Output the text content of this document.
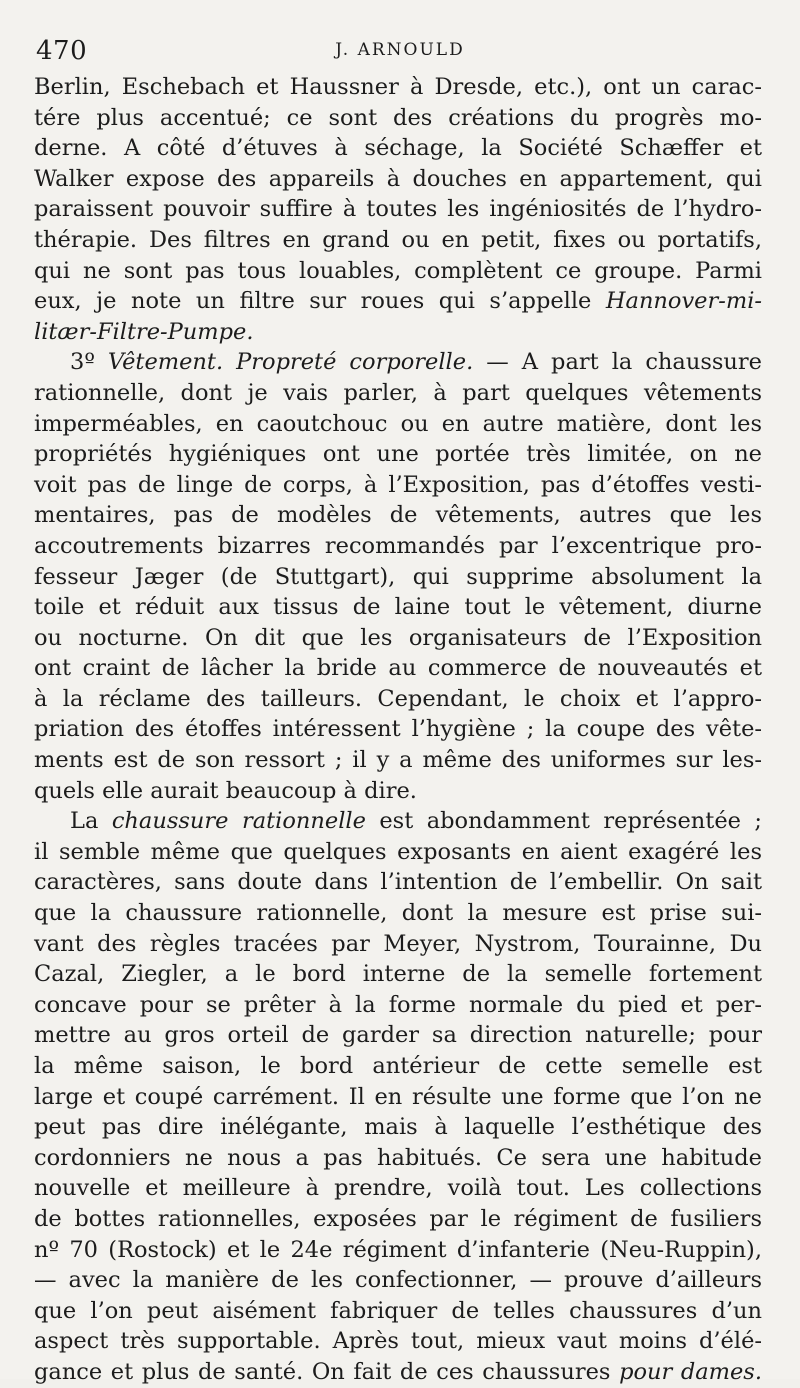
470	J. ARNOULD
Berlin, Eschebach et Haussner à Dresde, etc.), ont un carac-
tére plus accentué; ce sont des créations du progrès mo-
derne. A côté d’étuves à séchage, la Société Schæffer et
Walker expose des appareils à douches en appartement, qui
paraissent pouvoir suffire à toutes les ingéniosités de l’hydro-
thérapie. Des filtres en grand ou en petit, fixes ou portatifs,
qui ne sont pas tous louables, complètent ce groupe. Parmi
eux, je note un filtre sur roues qui s’appelle Hannover-mi-
litær-Filtre-Pumpe.
3º Vêtement. Propreté corporelle. — A part la chaussure
rationnelle, dont je vais parler, à part quelques vêtements
imperméables, en caoutchouc ou en autre matière, dont les
propriétés hygiéniques ont une portée très limitée, on ne
voit pas de linge de corps, à l’Exposition, pas d’étoffes vesti-
mentaires, pas de modèles de vêtements, autres que les
accoutrements bizarres recommandés par l’excentrique pro-
fesseur Jæger (de Stuttgart), qui supprime absolument la
toile et réduit aux tissus de laine tout le vêtement, diurne
ou nocturne. On dit que les organisateurs de l’Exposition
ont craint de lâcher la bride au commerce de nouveautés et
à la réclame des tailleurs. Cependant, le choix et l’appro-
priation des étoffes intéressent l’hygiène ; la coupe des vête-
ments est de son ressort ; il y a même des uniformes sur les-
quels elle aurait beaucoup à dire.
La chaussure rationnelle est abondamment représentée ;
il semble même que quelques exposants en aient exagéré les
caractères, sans doute dans l’intention de l’embellir. On sait
que la chaussure rationnelle, dont la mesure est prise sui-
vant des règles tracées par Meyer, Nystrom, Tourainne, Du
Cazal, Ziegler, a le bord interne de la semelle fortement
concave pour se prêter à la forme normale du pied et per-
mettre au gros orteil de garder sa direction naturelle; pour
la même saison, le bord antérieur de cette semelle est
large et coupé carrément. Il en résulte une forme que l’on ne
peut pas dire inélégante, mais à laquelle l’esthétique des
cordonniers ne nous a pas habitués. Ce sera une habitude
nouvelle et meilleure à prendre, voilà tout. Les collections
de bottes rationnelles, exposées par le régiment de fusiliers
nº 70 (Rostock) et le 24e régiment d’infanterie (Neu-Ruppin),
— avec la manière de les confectionner, — prouve d’ailleurs
que l’on peut aisément fabriquer de telles chaussures d’un
aspect très supportable. Après tout, mieux vaut moins d’élé-
gance et plus de santé. On fait de ces chaussures pour dames.
